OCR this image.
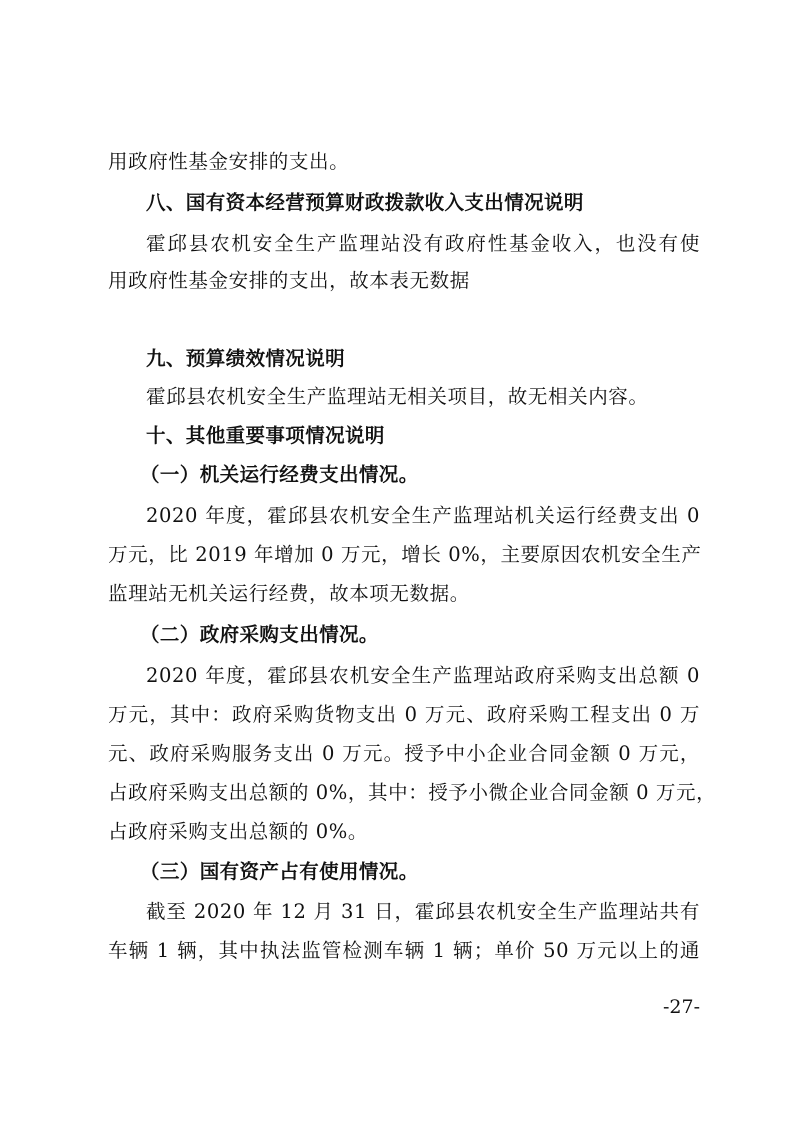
用政府性基金安排的支出。
八、国有资本经营预算财政拨款收入支出情况说明
霍邱县农机安全生产监理站没有政府性基金收入，也没有使
用政府性基金安排的支出，故本表无数据
九、预算绩效情况说明
霍邱县农机安全生产监理站无相关项目，故无相关内容。
十、其他重要事项情况说明
（一）机关运行经费支出情况。
2020 年度，霍邱县农机安全生产监理站机关运行经费支出 0
万元，比 2019 年增加 0 万元，增长 0%，主要原因农机安全生产
监理站无机关运行经费，故本项无数据。
（二）政府采购支出情况。
2020 年度，霍邱县农机安全生产监理站政府采购支出总额 0
万元，其中：政府采购货物支出 0 万元、政府采购工程支出 0 万
元、政府采购服务支出 0 万元。授予中小企业合同金额 0 万元，
占政府采购支出总额的 0%，其中：授予小微企业合同金额 0 万元，
占政府采购支出总额的 0%。
（三）国有资产占有使用情况。
截至 2020 年 12 月 31 日，霍邱县农机安全生产监理站共有
车辆 1 辆，其中执法监管检测车辆 1 辆；单价 50 万元以上的通
-27-
